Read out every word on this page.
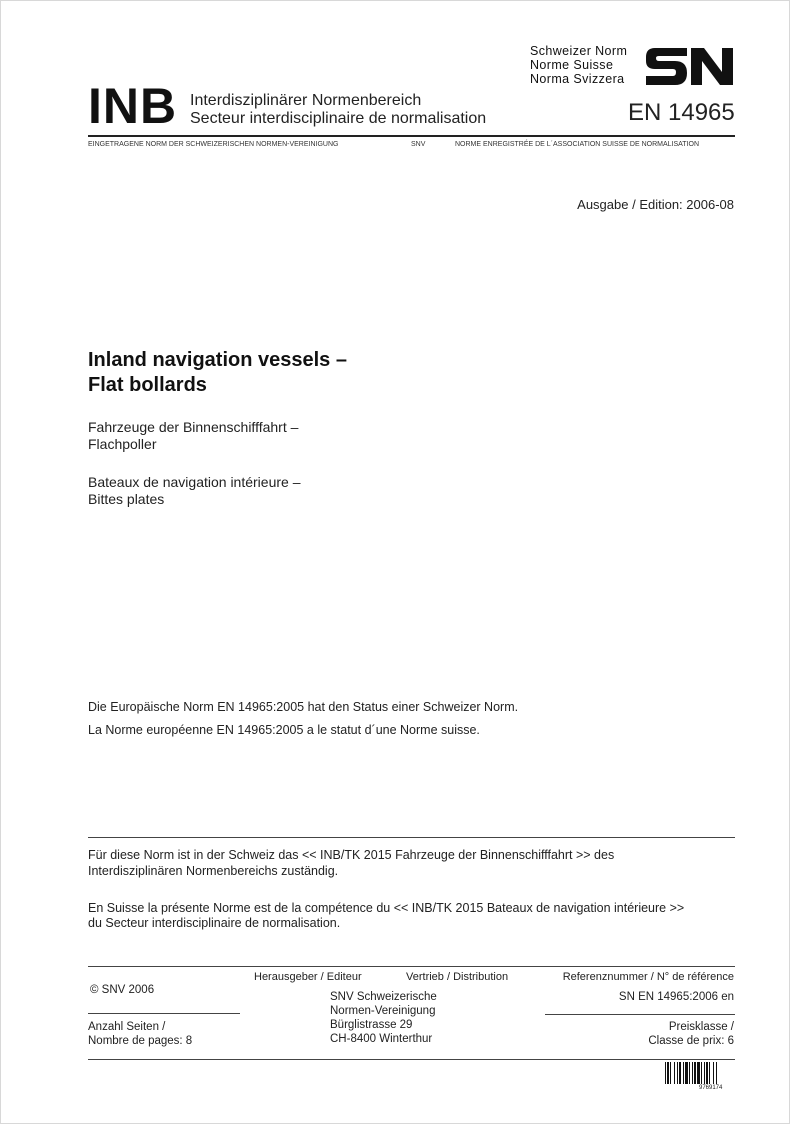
INB Interdisziplinärer Normenbereich
Secteur interdisciplinaire de normalisation
Schweizer Norm
Norme Suisse
Norma Svizzera
EN 14965
EINGETRAGENE NORM DER SCHWEIZERISCHEN NORMEN-VEREINIGUNG	SNV	NORME ENREGISTRÉE DE L´ASSOCIATION SUISSE DE NORMALISATION
Ausgabe / Edition: 2006-08
Inland navigation vessels –
Flat bollards
Fahrzeuge der Binnenschifffahrt –
Flachpoller
Bateaux de navigation intérieure –
Bittes plates
Die Europäische Norm EN 14965:2005 hat den Status einer Schweizer Norm.
La Norme européenne EN 14965:2005 a le statut d´une Norme suisse.
Für diese Norm ist in der Schweiz das << INB/TK 2015 Fahrzeuge der Binnenschifffahrt >> des
Interdisziplinären Normenbereichs zuständig.
En Suisse la présente Norme est de la compétence du << INB/TK 2015 Bateaux de navigation intérieure >>
du Secteur interdisciplinaire de normalisation.
© SNV 2006
Anzahl Seiten /
Nombre de pages: 8
Herausgeber / Editeur	Vertrieb / Distribution
SNV Schweizerische
Normen-Vereinigung
Bürglistrasse 29
CH-8400 Winterthur
Referenznummer / N° de référence
SN EN 14965:2006 en
Preisklasse /
Classe de prix: 6
9769174
